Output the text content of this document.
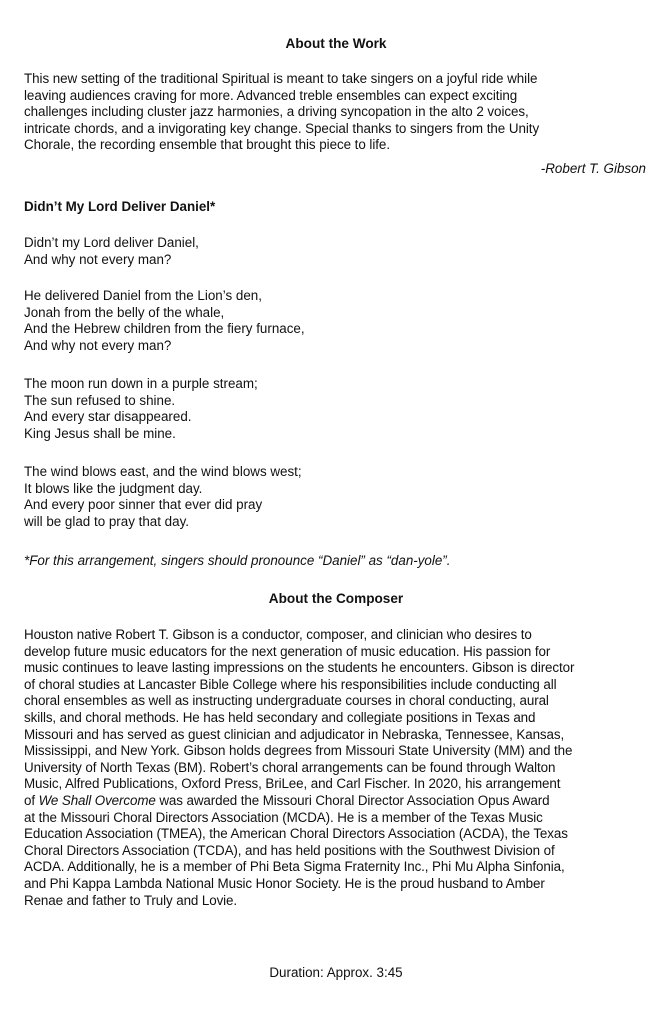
About the Work

This new setting of the traditional Spiritual is meant to take singers on a joyful ride while
leaving audiences craving for more. Advanced treble ensembles can expect exciting
challenges including cluster jazz harmonies, a driving syncopation in the alto 2 voices,
intricate chords, and a invigorating key change. Special thanks to singers from the Unity
Chorale, the recording ensemble that brought this piece to life.

-Robert T. Gibson

Didn’t My Lord Deliver Daniel*

Didn’t my Lord deliver Daniel,
And why not every man?

He delivered Daniel from the Lion’s den,
Jonah from the belly of the whale,
And the Hebrew children from the fiery furnace,
And why not every man?

The moon run down in a purple stream;
The sun refused to shine.
And every star disappeared.
King Jesus shall be mine.

The wind blows east, and the wind blows west;
It blows like the judgment day.
And every poor sinner that ever did pray
will be glad to pray that day.

*For this arrangement, singers should pronounce “Daniel” as “dan-yole”.

About the Composer

Houston native Robert T. Gibson is a conductor, composer, and clinician who desires to
develop future music educators for the next generation of music education. His passion for
music continues to leave lasting impressions on the students he encounters. Gibson is director
of choral studies at Lancaster Bible College where his responsibilities include conducting all
choral ensembles as well as instructing undergraduate courses in choral conducting, aural
skills, and choral methods. He has held secondary and collegiate positions in Texas and
Missouri and has served as guest clinician and adjudicator in Nebraska, Tennessee, Kansas,
Mississippi, and New York. Gibson holds degrees from Missouri State University (MM) and the
University of North Texas (BM). Robert’s choral arrangements can be found through Walton
Music, Alfred Publications, Oxford Press, BriLee, and Carl Fischer. In 2020, his arrangement
of We Shall Overcome was awarded the Missouri Choral Director Association Opus Award
at the Missouri Choral Directors Association (MCDA). He is a member of the Texas Music
Education Association (TMEA), the American Choral Directors Association (ACDA), the Texas
Choral Directors Association (TCDA), and has held positions with the Southwest Division of
ACDA. Additionally, he is a member of Phi Beta Sigma Fraternity Inc., Phi Mu Alpha Sinfonia,
and Phi Kappa Lambda National Music Honor Society. He is the proud husband to Amber
Renae and father to Truly and Lovie.

Duration: Approx. 3:45
